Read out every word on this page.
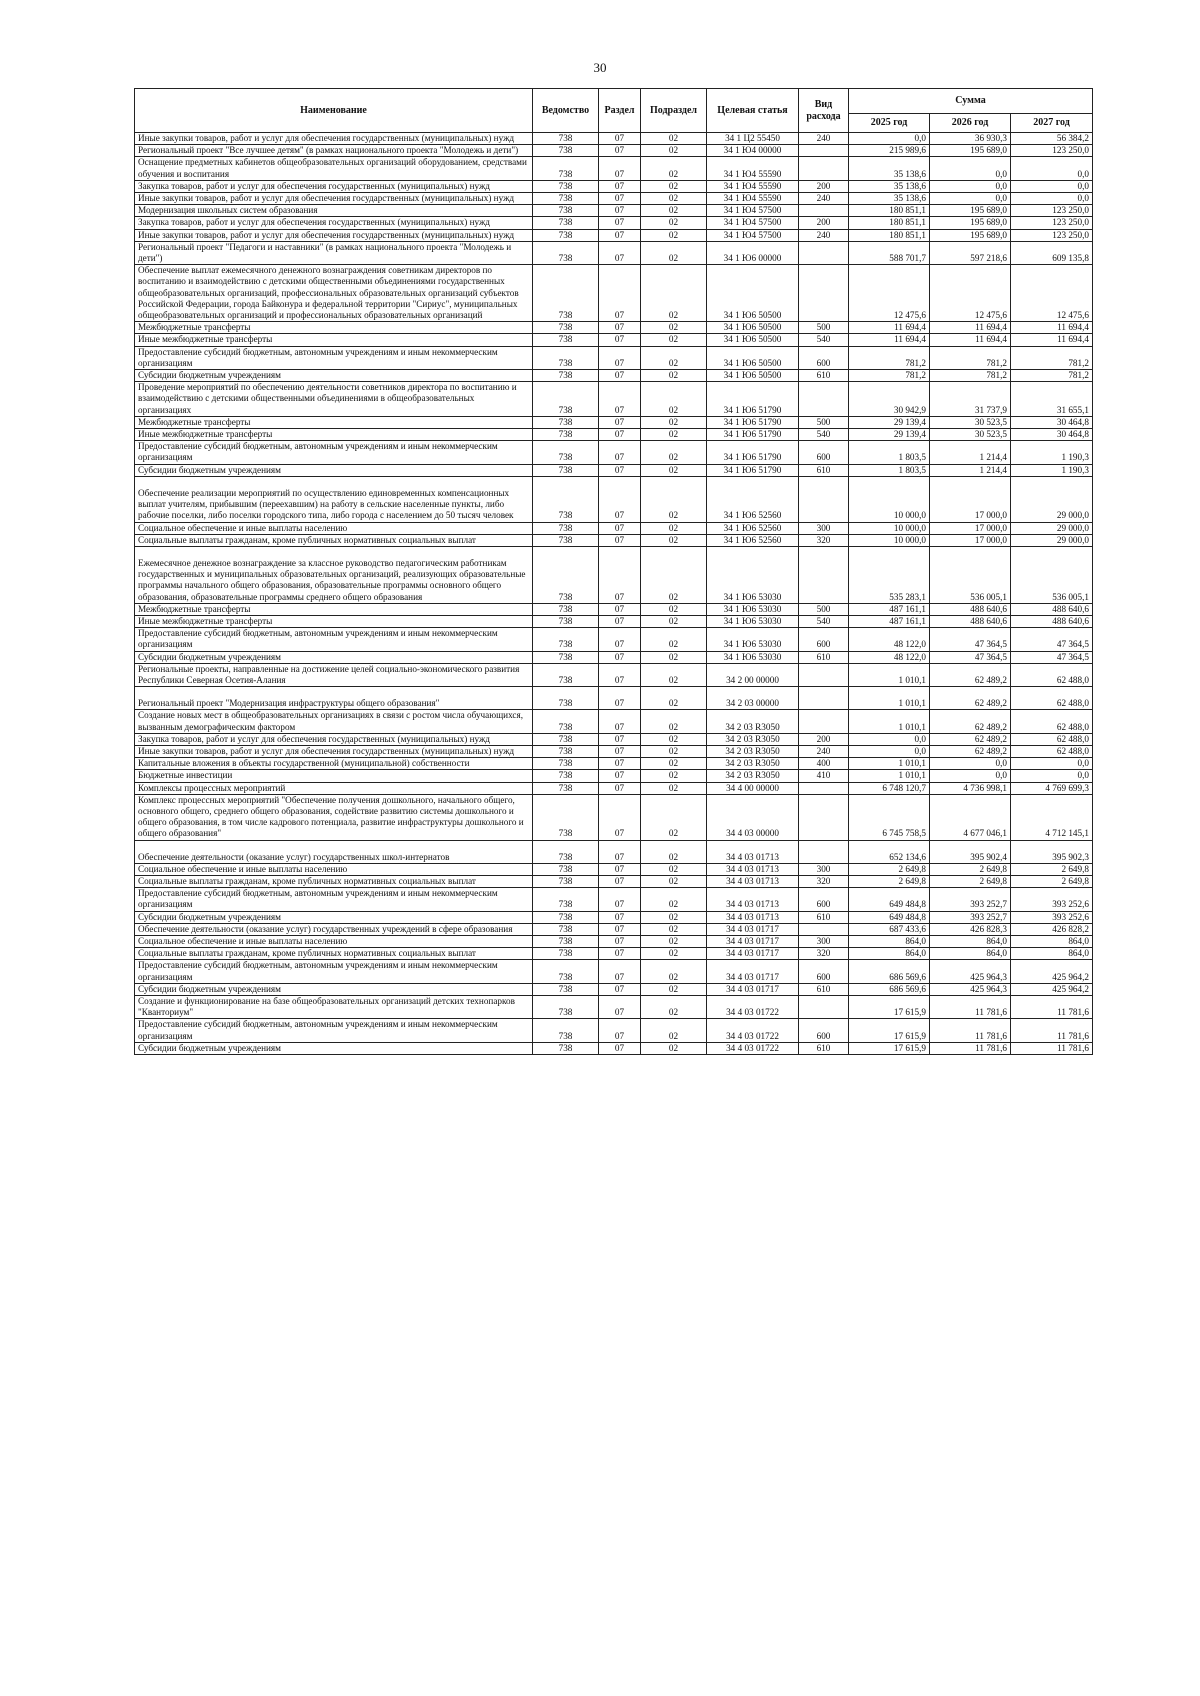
30
Наименование	Ведомство	Раздел	Подраздел	Целевая статья	Вид расхода	Сумма		
						2025 год	2026 год	2027 год
Иные закупки товаров, работ и услуг для обеспечения государственных (муниципальных) нужд	738	07	02	34 1 Ц2 55450	240	0,0	36 930,3	56 384,2
Региональный проект "Все лучшее детям" (в рамках национального проекта "Молодежь и дети")	738	07	02	34 1 Ю4 00000		215 989,6	195 689,0	123 250,0
Оснащение предметных кабинетов общеобразовательных организаций оборудованием, средствами обучения и воспитания	738	07	02	34 1 Ю4 55590		35 138,6	0,0	0,0
Закупка товаров, работ и услуг для обеспечения государственных (муниципальных) нужд	738	07	02	34 1 Ю4 55590	200	35 138,6	0,0	0,0
Иные закупки товаров, работ и услуг для обеспечения государственных (муниципальных) нужд	738	07	02	34 1 Ю4 55590	240	35 138,6	0,0	0,0
Модернизация школьных систем образования	738	07	02	34 1 Ю4 57500		180 851,1	195 689,0	123 250,0
Закупка товаров, работ и услуг для обеспечения государственных (муниципальных) нужд	738	07	02	34 1 Ю4 57500	200	180 851,1	195 689,0	123 250,0
Иные закупки товаров, работ и услуг для обеспечения государственных (муниципальных) нужд	738	07	02	34 1 Ю4 57500	240	180 851,1	195 689,0	123 250,0
Региональный проект "Педагоги и наставники" (в рамках национального проекта "Молодежь и дети")	738	07	02	34 1 Ю6 00000		588 701,7	597 218,6	609 135,8
Обеспечение выплат ежемесячного денежного вознаграждения советникам директоров по воспитанию и взаимодействию с детскими общественными объединениями государственных общеобразовательных организаций, профессиональных образовательных организаций субъектов Российской Федерации, города Байконура и федеральной территории "Сириус", муниципальных общеобразовательных организаций и профессиональных образовательных организаций	738	07	02	34 1 Ю6 50500		12 475,6	12 475,6	12 475,6
Межбюджетные трансферты	738	07	02	34 1 Ю6 50500	500	11 694,4	11 694,4	11 694,4
Иные межбюджетные трансферты	738	07	02	34 1 Ю6 50500	540	11 694,4	11 694,4	11 694,4
Предоставление субсидий бюджетным, автономным учреждениям и иным некоммерческим организациям	738	07	02	34 1 Ю6 50500	600	781,2	781,2	781,2
Субсидии бюджетным учреждениям	738	07	02	34 1 Ю6 50500	610	781,2	781,2	781,2
Проведение мероприятий по обеспечению деятельности советников директора по воспитанию и взаимодействию с детскими общественными объединениями в общеобразовательных организациях	738	07	02	34 1 Ю6 51790		30 942,9	31 737,9	31 655,1
Межбюджетные трансферты	738	07	02	34 1 Ю6 51790	500	29 139,4	30 523,5	30 464,8
Иные межбюджетные трансферты	738	07	02	34 1 Ю6 51790	540	29 139,4	30 523,5	30 464,8
Предоставление субсидий бюджетным, автономным учреждениям и иным некоммерческим организациям	738	07	02	34 1 Ю6 51790	600	1 803,5	1 214,4	1 190,3
Субсидии бюджетным учреждениям	738	07	02	34 1 Ю6 51790	610	1 803,5	1 214,4	1 190,3
Обеспечение реализации мероприятий по осуществлению единовременных компенсационных выплат учителям, прибывшим (переехавшим) на работу в сельские населенные пункты, либо рабочие поселки, либо поселки городского типа, либо города с населением до 50 тысяч человек	738	07	02	34 1 Ю6 52560		10 000,0	17 000,0	29 000,0
Социальное обеспечение и иные выплаты населению	738	07	02	34 1 Ю6 52560	300	10 000,0	17 000,0	29 000,0
Социальные выплаты гражданам, кроме публичных нормативных социальных выплат	738	07	02	34 1 Ю6 52560	320	10 000,0	17 000,0	29 000,0
Ежемесячное денежное вознаграждение за классное руководство педагогическим работникам государственных и муниципальных образовательных организаций, реализующих образовательные программы начального общего образования, образовательные программы основного общего образования, образовательные программы среднего общего образования	738	07	02	34 1 Ю6 53030		535 283,1	536 005,1	536 005,1
Межбюджетные трансферты	738	07	02	34 1 Ю6 53030	500	487 161,1	488 640,6	488 640,6
Иные межбюджетные трансферты	738	07	02	34 1 Ю6 53030	540	487 161,1	488 640,6	488 640,6
Предоставление субсидий бюджетным, автономным учреждениям и иным некоммерческим организациям	738	07	02	34 1 Ю6 53030	600	48 122,0	47 364,5	47 364,5
Субсидии бюджетным учреждениям	738	07	02	34 1 Ю6 53030	610	48 122,0	47 364,5	47 364,5
Региональные проекты, направленные на достижение целей социально-экономического развития Республики Северная Осетия-Алания	738	07	02	34 2 00 00000		1 010,1	62 489,2	62 488,0
Региональный проект "Модернизация инфраструктуры общего образования"	738	07	02	34 2 03 00000		1 010,1	62 489,2	62 488,0
Создание новых мест в общеобразовательных организациях в связи с ростом числа обучающихся, вызванным демографическим фактором	738	07	02	34 2 03 R3050		1 010,1	62 489,2	62 488,0
Закупка товаров, работ и услуг для обеспечения государственных (муниципальных) нужд	738	07	02	34 2 03 R3050	200	0,0	62 489,2	62 488,0
Иные закупки товаров, работ и услуг для обеспечения государственных (муниципальных) нужд	738	07	02	34 2 03 R3050	240	0,0	62 489,2	62 488,0
Капитальные вложения в объекты государственной (муниципальной) собственности	738	07	02	34 2 03 R3050	400	1 010,1	0,0	0,0
Бюджетные инвестиции	738	07	02	34 2 03 R3050	410	1 010,1	0,0	0,0
Комплексы процессных мероприятий	738	07	02	34 4 00 00000		6 748 120,7	4 736 998,1	4 769 699,3
Комплекс процессных мероприятий "Обеспечение получения дошкольного, начального общего, основного общего, среднего общего образования, содействие развитию системы дошкольного и общего образования, в том числе кадрового потенциала, развитие инфраструктуры дошкольного и общего образования"	738	07	02	34 4 03 00000		6 745 758,5	4 677 046,1	4 712 145,1
Обеспечение деятельности (оказание услуг) государственных школ-интернатов	738	07	02	34 4 03 01713		652 134,6	395 902,4	395 902,3
Социальное обеспечение и иные выплаты населению	738	07	02	34 4 03 01713	300	2 649,8	2 649,8	2 649,8
Социальные выплаты гражданам, кроме публичных нормативных социальных выплат	738	07	02	34 4 03 01713	320	2 649,8	2 649,8	2 649,8
Предоставление субсидий бюджетным, автономным учреждениям и иным некоммерческим организациям	738	07	02	34 4 03 01713	600	649 484,8	393 252,7	393 252,6
Субсидии бюджетным учреждениям	738	07	02	34 4 03 01713	610	649 484,8	393 252,7	393 252,6
Обеспечение деятельности (оказание услуг) государственных учреждений в сфере образования	738	07	02	34 4 03 01717		687 433,6	426 828,3	426 828,2
Социальное обеспечение и иные выплаты населению	738	07	02	34 4 03 01717	300	864,0	864,0	864,0
Социальные выплаты гражданам, кроме публичных нормативных социальных выплат	738	07	02	34 4 03 01717	320	864,0	864,0	864,0
Предоставление субсидий бюджетным, автономным учреждениям и иным некоммерческим организациям	738	07	02	34 4 03 01717	600	686 569,6	425 964,3	425 964,2
Субсидии бюджетным учреждениям	738	07	02	34 4 03 01717	610	686 569,6	425 964,3	425 964,2
Создание и функционирование на базе общеобразовательных организаций детских технопарков "Кванториум"	738	07	02	34 4 03 01722		17 615,9	11 781,6	11 781,6
Предоставление субсидий бюджетным, автономным учреждениям и иным некоммерческим организациям	738	07	02	34 4 03 01722	600	17 615,9	11 781,6	11 781,6
Субсидии бюджетным учреждениям	738	07	02	34 4 03 01722	610	17 615,9	11 781,6	11 781,6
